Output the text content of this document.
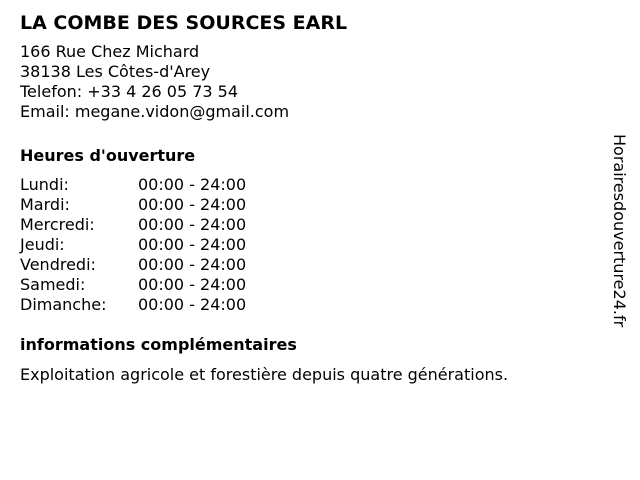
LA COMBE DES SOURCES EARL
166 Rue Chez Michard
38138 Les Côtes-d'Arey
Telefon: +33 4 26 05 73 54
Email: megane.vidon@gmail.com
Heures d'ouverture
Lundi:	00:00 - 24:00
Mardi:	00:00 - 24:00
Mercredi:	00:00 - 24:00
Jeudi:	00:00 - 24:00
Vendredi:	00:00 - 24:00
Samedi:	00:00 - 24:00
Dimanche:	00:00 - 24:00
informations complémentaires
Exploitation agricole et forestière depuis quatre générations.
Horairesdouverture24.fr
